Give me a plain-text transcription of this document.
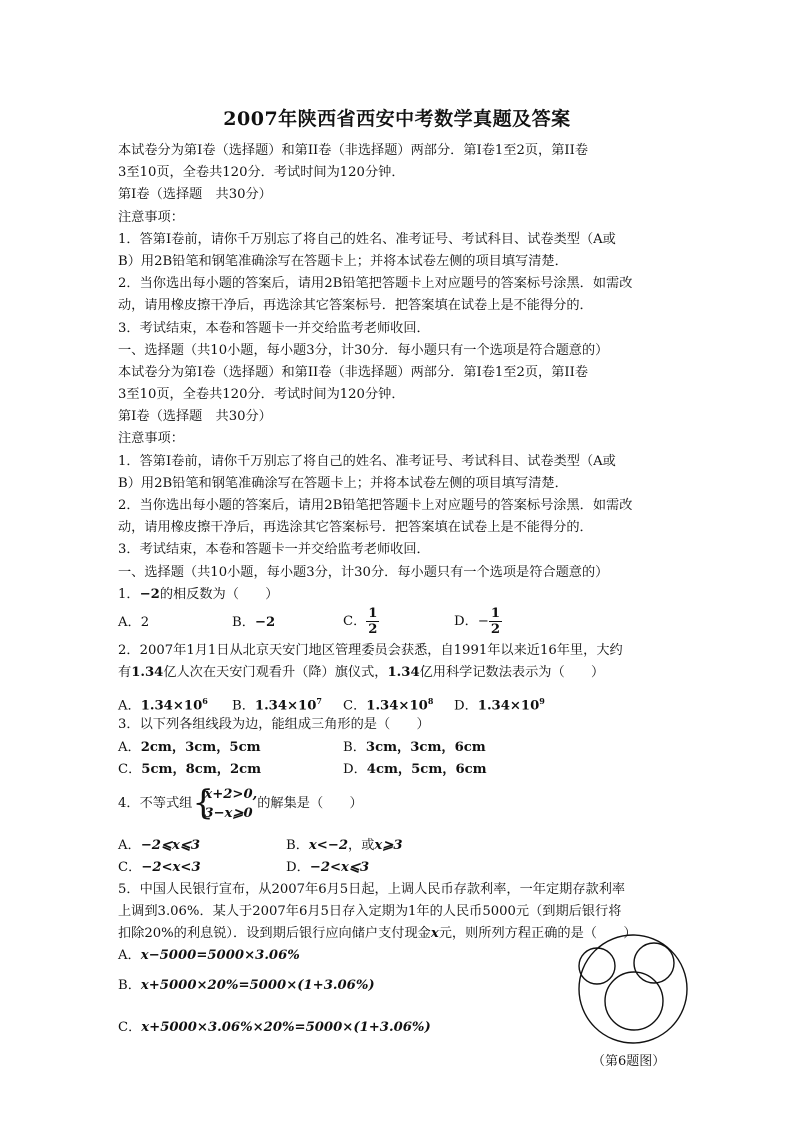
2007年陕西省西安中考数学真题及答案
本试卷分为第I卷（选择题）和第II卷（非选择题）两部分．第I卷1至2页，第II卷
3至10页，全卷共120分．考试时间为120分钟．
第I卷（选择题　共30分）
注意事项：
1．答第I卷前，请你千万别忘了将自己的姓名、准考证号、考试科目、试卷类型（A或
B）用2B铅笔和钢笔准确涂写在答题卡上；并将本试卷左侧的项目填写清楚．
2．当你选出每小题的答案后，请用2B铅笔把答题卡上对应题号的答案标号涂黑．如需改
动，请用橡皮擦干净后，再选涂其它答案标号．把答案填在试卷上是不能得分的．
3．考试结束，本卷和答题卡一并交给监考老师收回．
一、选择题（共10小题，每小题3分，计30分．每小题只有一个选项是符合题意的）
本试卷分为第I卷（选择题）和第II卷（非选择题）两部分．第I卷1至2页，第II卷
3至10页，全卷共120分．考试时间为120分钟．
第I卷（选择题　共30分）
注意事项：
1．答第I卷前，请你千万别忘了将自己的姓名、准考证号、考试科目、试卷类型（A或
B）用2B铅笔和钢笔准确涂写在答题卡上；并将本试卷左侧的项目填写清楚．
2．当你选出每小题的答案后，请用2B铅笔把答题卡上对应题号的答案标号涂黑．如需改
动，请用橡皮擦干净后，再选涂其它答案标号．把答案填在试卷上是不能得分的．
3．考试结束，本卷和答题卡一并交给监考老师收回．
一、选择题（共10小题，每小题3分，计30分．每小题只有一个选项是符合题意的）
1．−2的相反数为（　　）
A．2	B．−2	C． $\frac{1}{2}$	D．− $\frac{1}{2}$
2．2007年1月1日从北京天安门地区管理委员会获悉，自1991年以来近16年里，大约
有1.34亿人次在天安门观看升（降）旗仪式，1.34亿用科学记数法表示为（　　）
A．$1.34\times 10^6$ B．$1.34\times 10^7$ C．$1.34\times 10^8$ D．$1.34\times 10^9$
3．以下列各组线段为边，能组成三角形的是（　　）
A．2cm，3cm，5cm	B．3cm，3cm，6cm
C．5cm，8cm，2cm	D．4cm，5cm，6cm
4．不等式组 {
x+2>0,
3−x⩾0
的解集是（　　）
A．−2⩽x⩽3	B．x<−2，或x⩾3
C．−2<x<3	D．−2<x⩽3
5．中国人民银行宣布，从2007年6月5日起，上调人民币存款利率，一年定期存款利率
上调到3.06%．某人于2007年6月5日存入定期为1年的人民币5000元（到期后银行将
扣除20%的利息锐）．设到期后银行应向储户支付现金x元，则所列方程正确的是（　　）
A．x−5000=5000×3.06%
B．x+5000×20%=5000×(1+3.06%)
C．x+5000×3.06%×20%=5000×(1+3.06%)
（第6题图）
